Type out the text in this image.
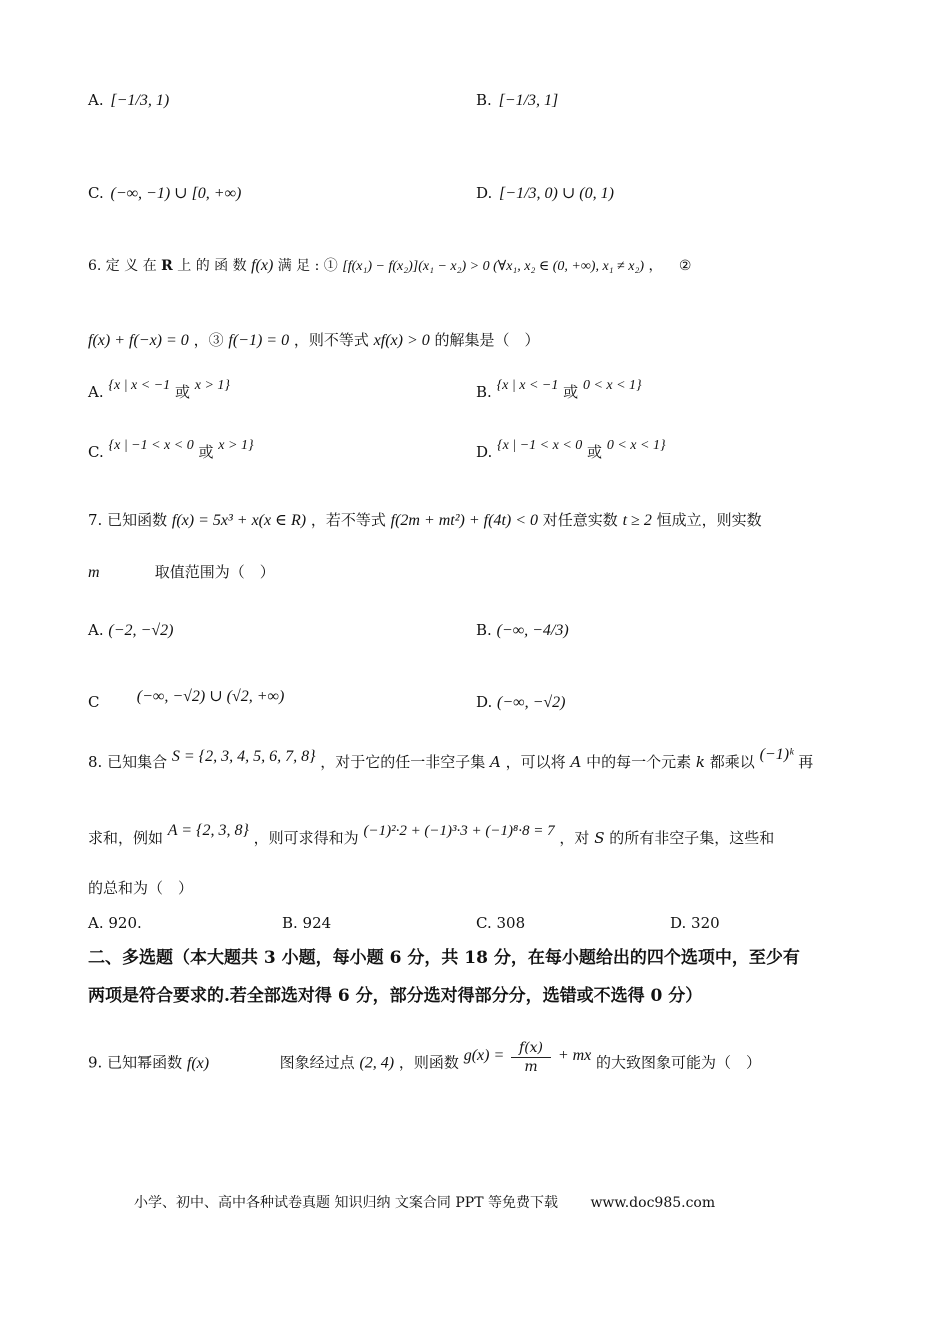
A. [−1/3, 1)	B. [−1/3, 1]
C. (−∞, −1) ∪ [0, +∞)	D. [−1/3, 0) ∪ (0, 1)
6. 定 义 在 R 上 的 函 数 f(x) 满 足 : ① [f(x₁) − f(x₂)](x₁ − x₂) > 0 (∀x₁, x₂ ∈ (0, +∞), x₁ ≠ x₂) ， ②
f(x) + f(−x) = 0 ，③ f(−1) = 0 ，则不等式 xf(x) > 0 的解集是（　）
A. {x | x < −1 或 x > 1}	B. {x | x < −1 或 0 < x < 1}
C. {x | −1 < x < 0 或 x > 1}	D. {x | −1 < x < 0 或 0 < x < 1}
7. 已知函数 f(x) = 5x³ + x(x ∈ R) ，若不等式 f(2m + mt²) + f(4t) < 0 对任意实数 t ≥ 2 恒成立，则实数
m	取值范围为（　）
A. (−2, −√2)	B. (−∞, −4/3)
C (−∞, −√2) ∪ (√2, +∞)	D. (−∞, −√2)
8. 已知集合 S = {2, 3, 4, 5, 6, 7, 8} ，对于它的任一非空子集 A ，可以将 A 中的每一个元素 k 都乘以 (−1)ᵏ 再
求和，例如 A = {2, 3, 8} ，则可求得和为 (−1)²·2 + (−1)³·3 + (−1)⁸·8 = 7 ，对 S 的所有非空子集，这些和
的总和为（　）
A. 920.	B. 924	C. 308	D. 320
二、多选题（本大题共 3 小题，每小题 6 分，共 18 分，在每小题给出的四个选项中，至少有
两项是符合要求的.若全部选对得 6 分，部分选对得部分分，选错或不选得 0 分）
9. 已知幂函数 f(x)	图象经过点 (2, 4) ，则函数 $g(x) = \frac{f(x)}{m}$ + mx 的大致图象可能为（　）
小学、初中、高中各种试卷真题 知识归纳 文案合同 PPT 等免费下载 www.doc985.com
